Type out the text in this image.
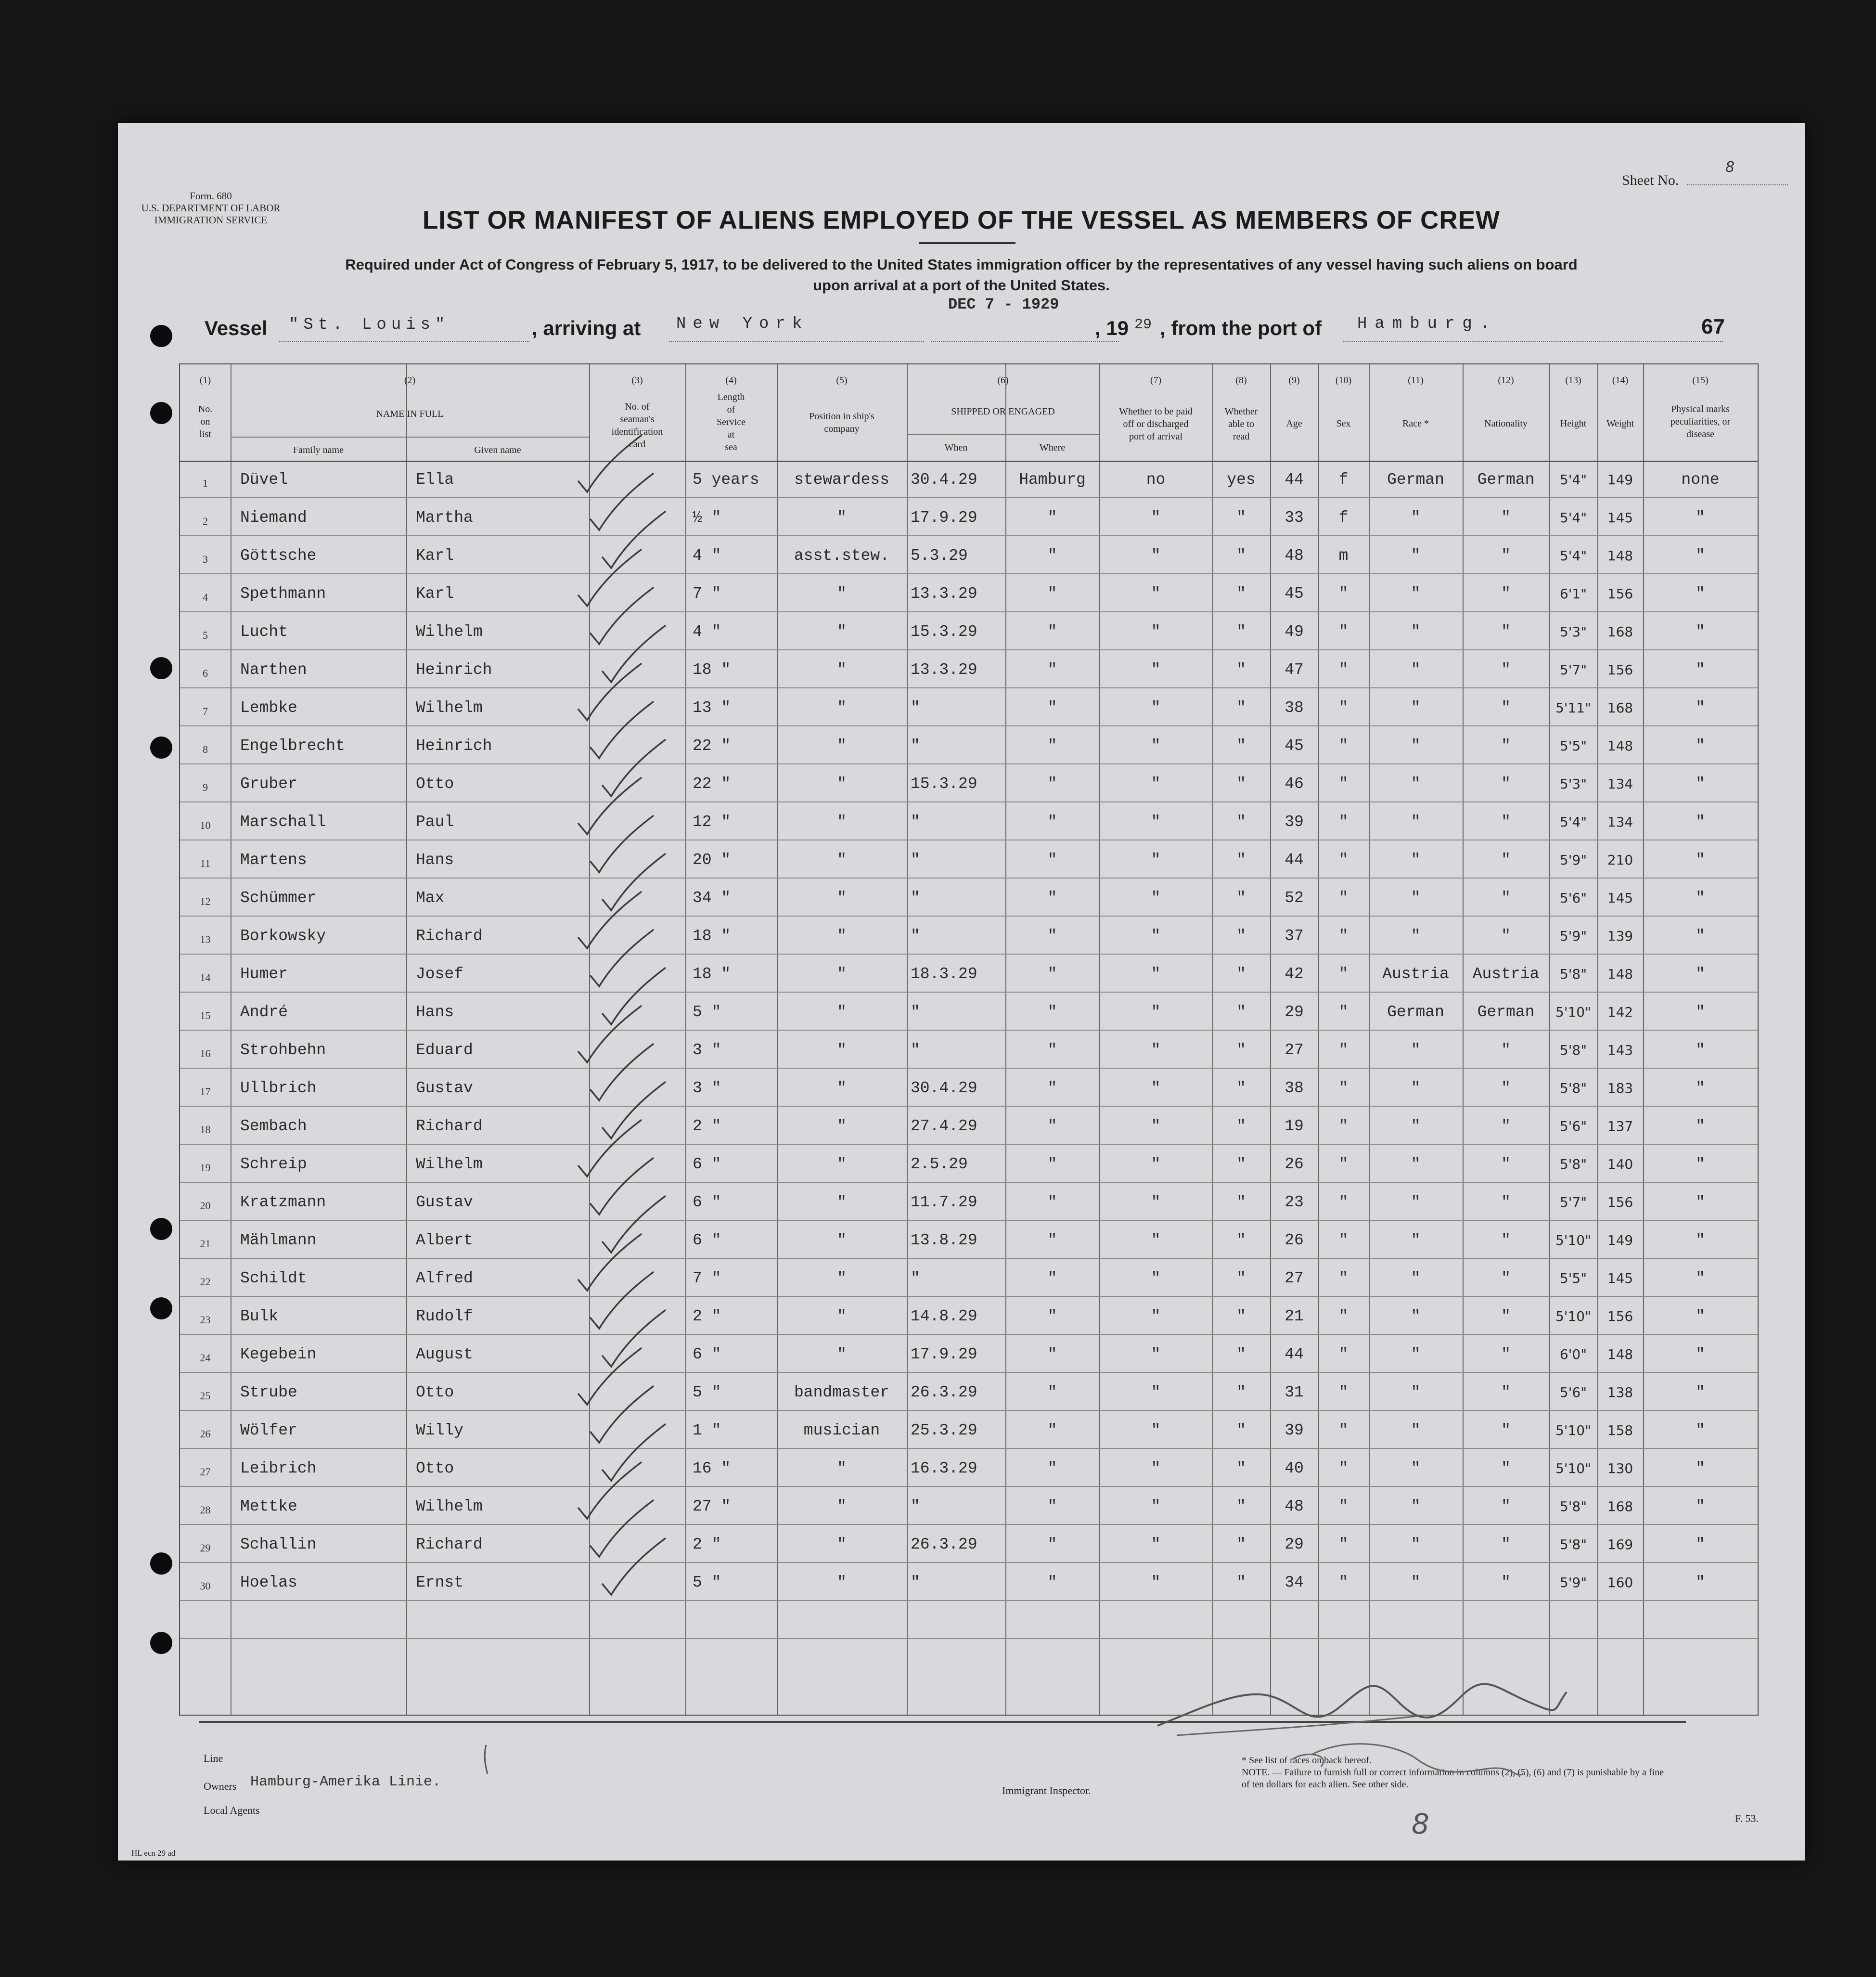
Form. 680
U.S. DEPARTMENT OF LABOR
IMMIGRATION SERVICE
Sheet No.
8
LIST OR MANIFEST OF ALIENS EMPLOYED OF THE VESSEL AS MEMBERS OF CREW
Required under Act of Congress of February 5, 1917, to be delivered to the United States immigration officer by the representatives of any vessel having such aliens on board
upon arrival at a port of the United States.
Vessel "St. Louis"	, arriving at New York
DEC 7 - 1929
, 19 29 , from the port of Hamburg.	67
(1)
No.
on
list
(2)
NAME IN FULL
Family name	Given name
(3)
No. of
seaman's
identification
card
(4)
Length
of
Service
at
sea
(5)
Position in ship's
company
(6)
SHIPPED OR ENGAGED
When	Where
(7)
Whether to be paid
off or discharged
port of arrival
(8)
Whether
able to
read
(9)
Age
(10)
Sex
(11)
Race *
(12)
Nationality
(13)
Height
(14)
Weight
(15)
Physical marks
peculiarities, or
disease
1	Düvel	Ella	5 years	stewardess	30.4.29	Hamburg	no	yes	44	f	German	German	5'4"	149	none
2	Niemand	Martha	½ "	"	17.9.29	"	"	"	33	f	"	"	5'4"	145	"
3	Göttsche	Karl	4 "	asst.stew.	5.3.29	"	"	"	48	m	"	"	5'4"	148	"
4	Spethmann	Karl	7 "	"	13.3.29	"	"	"	45	"	"	"	6'1"	156	"
5	Lucht	Wilhelm	4 "	"	15.3.29	"	"	"	49	"	"	"	5'3"	168	"
6	Narthen	Heinrich	18 "	"	13.3.29	"	"	"	47	"	"	"	5'7"	156	"
7	Lembke	Wilhelm	13 "	"	"	"	"	"	38	"	"	"	5'11"	168	"
8	Engelbrecht	Heinrich	22 "	"	"	"	"	"	45	"	"	"	5'5"	148	"
9	Gruber	Otto	22 "	"	15.3.29	"	"	"	46	"	"	"	5'3"	134	"
10	Marschall	Paul	12 "	"	"	"	"	"	39	"	"	"	5'4"	134	"
11	Martens	Hans	20 "	"	"	"	"	"	44	"	"	"	5'9"	210	"
12	Schümmer	Max	34 "	"	"	"	"	"	52	"	"	"	5'6"	145	"
13	Borkowsky	Richard	18 "	"	"	"	"	"	37	"	"	"	5'9"	139	"
14	Humer	Josef	18 "	"	18.3.29	"	"	"	42	"	Austria	Austria	5'8"	148	"
15	André	Hans	5 "	"	"	"	"	"	29	"	German	German	5'10"	142	"
16	Strohbehn	Eduard	3 "	"	"	"	"	"	27	"	"	"	5'8"	143	"
17	Ullbrich	Gustav	3 "	"	30.4.29	"	"	"	38	"	"	"	5'8"	183	"
18	Sembach	Richard	2 "	"	27.4.29	"	"	"	19	"	"	"	5'6"	137	"
19	Schreip	Wilhelm	6 "	"	2.5.29	"	"	"	26	"	"	"	5'8"	140	"
20	Kratzmann	Gustav	6 "	"	11.7.29	"	"	"	23	"	"	"	5'7"	156	"
21	Mählmann	Albert	6 "	"	13.8.29	"	"	"	26	"	"	"	5'10"	149	"
22	Schildt	Alfred	7 "	"	"	"	"	"	27	"	"	"	5'5"	145	"
23	Bulk	Rudolf	2 "	"	14.8.29	"	"	"	21	"	"	"	5'10"	156	"
24	Kegebein	August	6 "	"	17.9.29	"	"	"	44	"	"	"	6'0"	148	"
25	Strube	Otto	5 "	bandmaster	26.3.29	"	"	"	31	"	"	"	5'6"	138	"
26	Wölfer	Willy	1 "	musician	25.3.29	"	"	"	39	"	"	"	5'10"	158	"
27	Leibrich	Otto	16 "	"	16.3.29	"	"	"	40	"	"	"	5'10"	130	"
28	Mettke	Wilhelm	27 "	"	"	"	"	"	48	"	"	"	5'8"	168	"
29	Schallin	Richard	2 "	"	26.3.29	"	"	"	29	"	"	"	5'8"	169	"
30	Hoelas	Ernst	5 "	"	"	"	"	"	34	"	"	"	5'9"	160	"
Line
Owners Hamburg-Amerika Linie.
Local Agents
Immigrant Inspector.
* See list of races on back hereof.
NOTE. — Failure to furnish full or correct information in columns (2), (5), (6) and (7) is punishable by a fine of ten dollars for each alien. See other side.
8	F. 53.
HL ecn 29 ad
